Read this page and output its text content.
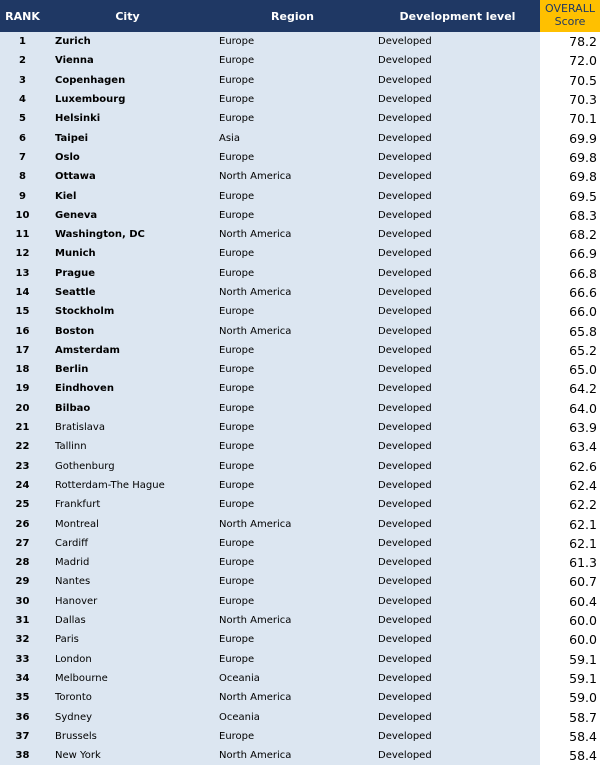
RANK	City	Region	Development level	OVERALL
Score
1	Zurich	Europe	Developed	78.2
2	Vienna	Europe	Developed	72.0
3	Copenhagen	Europe	Developed	70.5
4	Luxembourg	Europe	Developed	70.3
5	Helsinki	Europe	Developed	70.1
6	Taipei	Asia	Developed	69.9
7	Oslo	Europe	Developed	69.8
8	Ottawa	North America	Developed	69.8
9	Kiel	Europe	Developed	69.5
10	Geneva	Europe	Developed	68.3
11	Washington, DC	North America	Developed	68.2
12	Munich	Europe	Developed	66.9
13	Prague	Europe	Developed	66.8
14	Seattle	North America	Developed	66.6
15	Stockholm	Europe	Developed	66.0
16	Boston	North America	Developed	65.8
17	Amsterdam	Europe	Developed	65.2
18	Berlin	Europe	Developed	65.0
19	Eindhoven	Europe	Developed	64.2
20	Bilbao	Europe	Developed	64.0
21	Bratislava	Europe	Developed	63.9
22	Tallinn	Europe	Developed	63.4
23	Gothenburg	Europe	Developed	62.6
24	Rotterdam-The Hague	Europe	Developed	62.4
25	Frankfurt	Europe	Developed	62.2
26	Montreal	North America	Developed	62.1
27	Cardiff	Europe	Developed	62.1
28	Madrid	Europe	Developed	61.3
29	Nantes	Europe	Developed	60.7
30	Hanover	Europe	Developed	60.4
31	Dallas	North America	Developed	60.0
32	Paris	Europe	Developed	60.0
33	London	Europe	Developed	59.1
34	Melbourne	Oceania	Developed	59.1
35	Toronto	North America	Developed	59.0
36	Sydney	Oceania	Developed	58.7
37	Brussels	Europe	Developed	58.4
38	New York	North America	Developed	58.4
